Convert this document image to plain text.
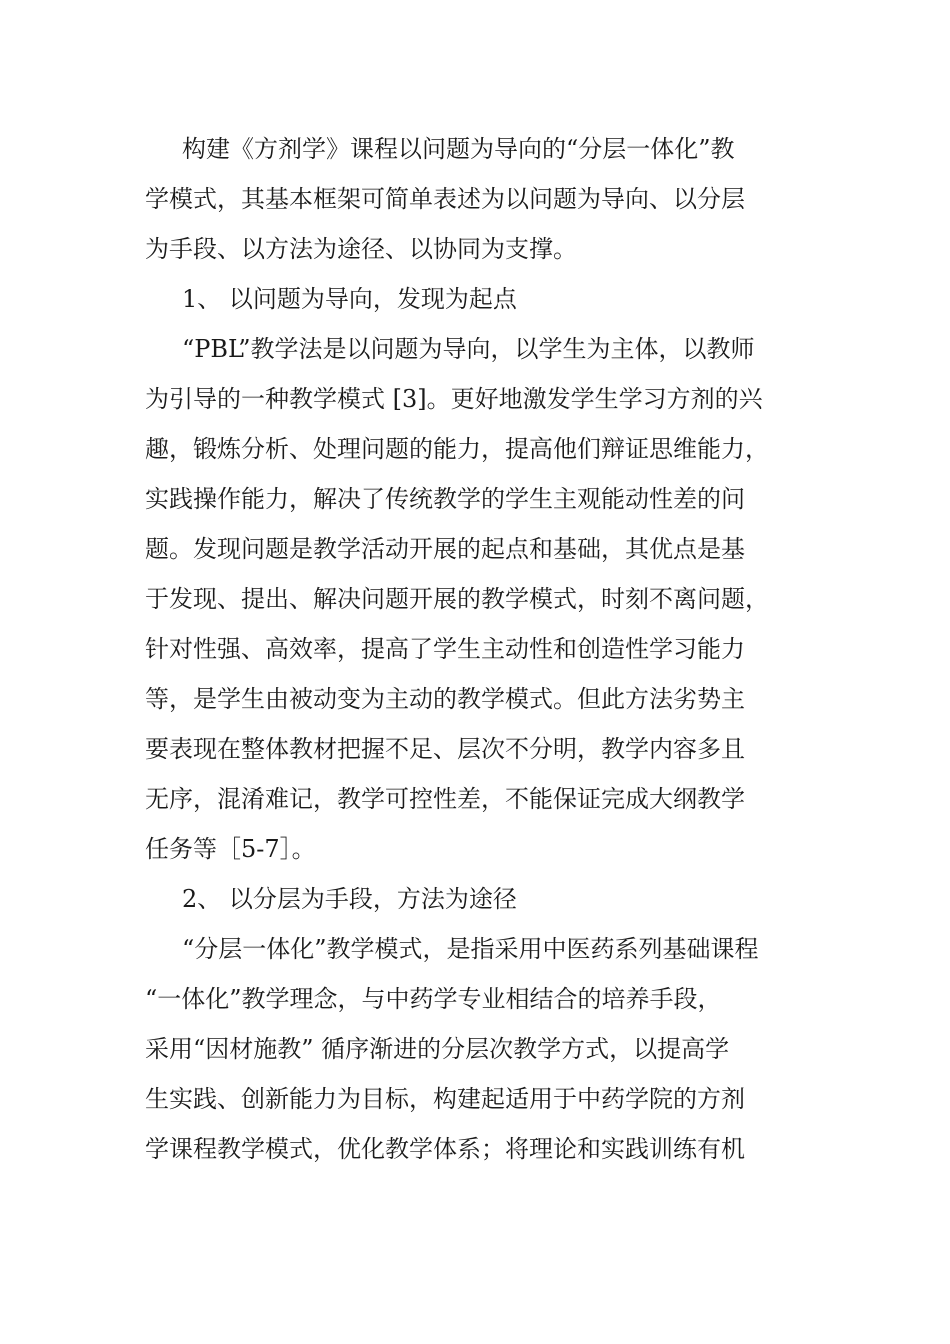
构建《方剂学》课程以问题为导向的“分层一体化”教
学模式，其基本框架可简单表述为以问题为导向、以分层
为手段、以方法为途径、以协同为支撑。
1、 以问题为导向，发现为起点
“PBL”教学法是以问题为导向，以学生为主体，以教师
为引导的一种教学模式 [3]。更好地激发学生学习方剂的兴
趣，锻炼分析、处理问题的能力，提高他们辩证思维能力，
实践操作能力，解决了传统教学的学生主观能动性差的问
题。发现问题是教学活动开展的起点和基础，其优点是基
于发现、提出、解决问题开展的教学模式，时刻不离问题，
针对性强、高效率，提高了学生主动性和创造性学习能力
等，是学生由被动变为主动的教学模式。但此方法劣势主
要表现在整体教材把握不足、层次不分明，教学内容多且
无序，混淆难记，教学可控性差，不能保证完成大纲教学
任务等［5-7］。
2、 以分层为手段，方法为途径
“分层一体化”教学模式，是指采用中医药系列基础课程
“一体化”教学理念，与中药学专业相结合的培养手段，
采用“因材施教” 循序渐进的分层次教学方式，以提高学
生实践、创新能力为目标，构建起适用于中药学院的方剂
学课程教学模式，优化教学体系；将理论和实践训练有机
